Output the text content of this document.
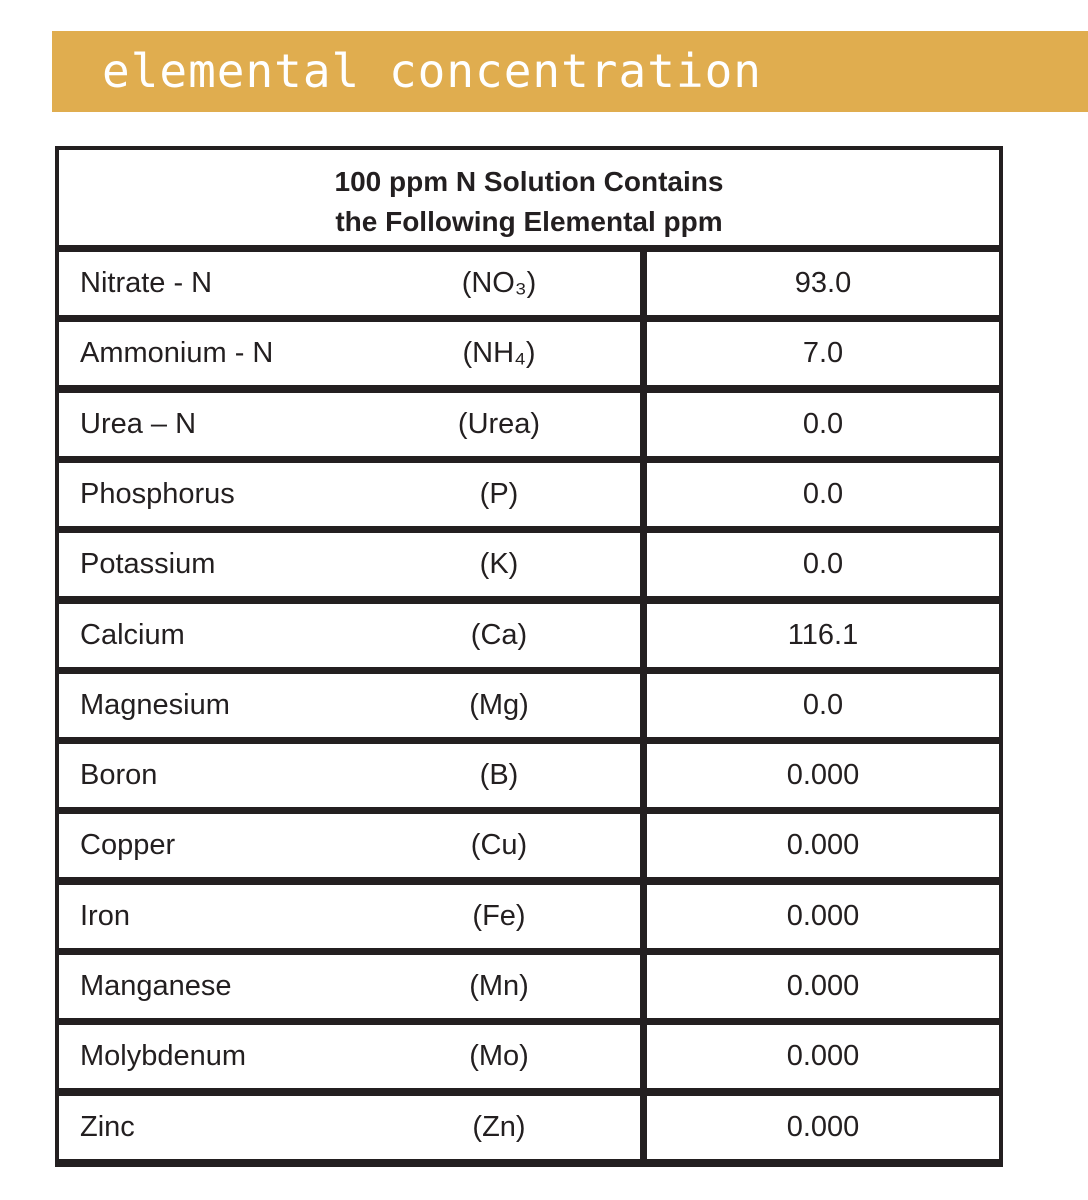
elemental concentration
100 ppm N Solution Contains
the Following Elemental ppm
Nitrate - N	(NO₃)	93.0
Ammonium - N	(NH₄)	7.0
Urea – N	(Urea)	0.0
Phosphorus	(P)	0.0
Potassium	(K)	0.0
Calcium	(Ca)	116.1
Magnesium	(Mg)	0.0
Boron	(B)	0.000
Copper	(Cu)	0.000
Iron	(Fe)	0.000
Manganese	(Mn)	0.000
Molybdenum	(Mo)	0.000
Zinc	(Zn)	0.000
